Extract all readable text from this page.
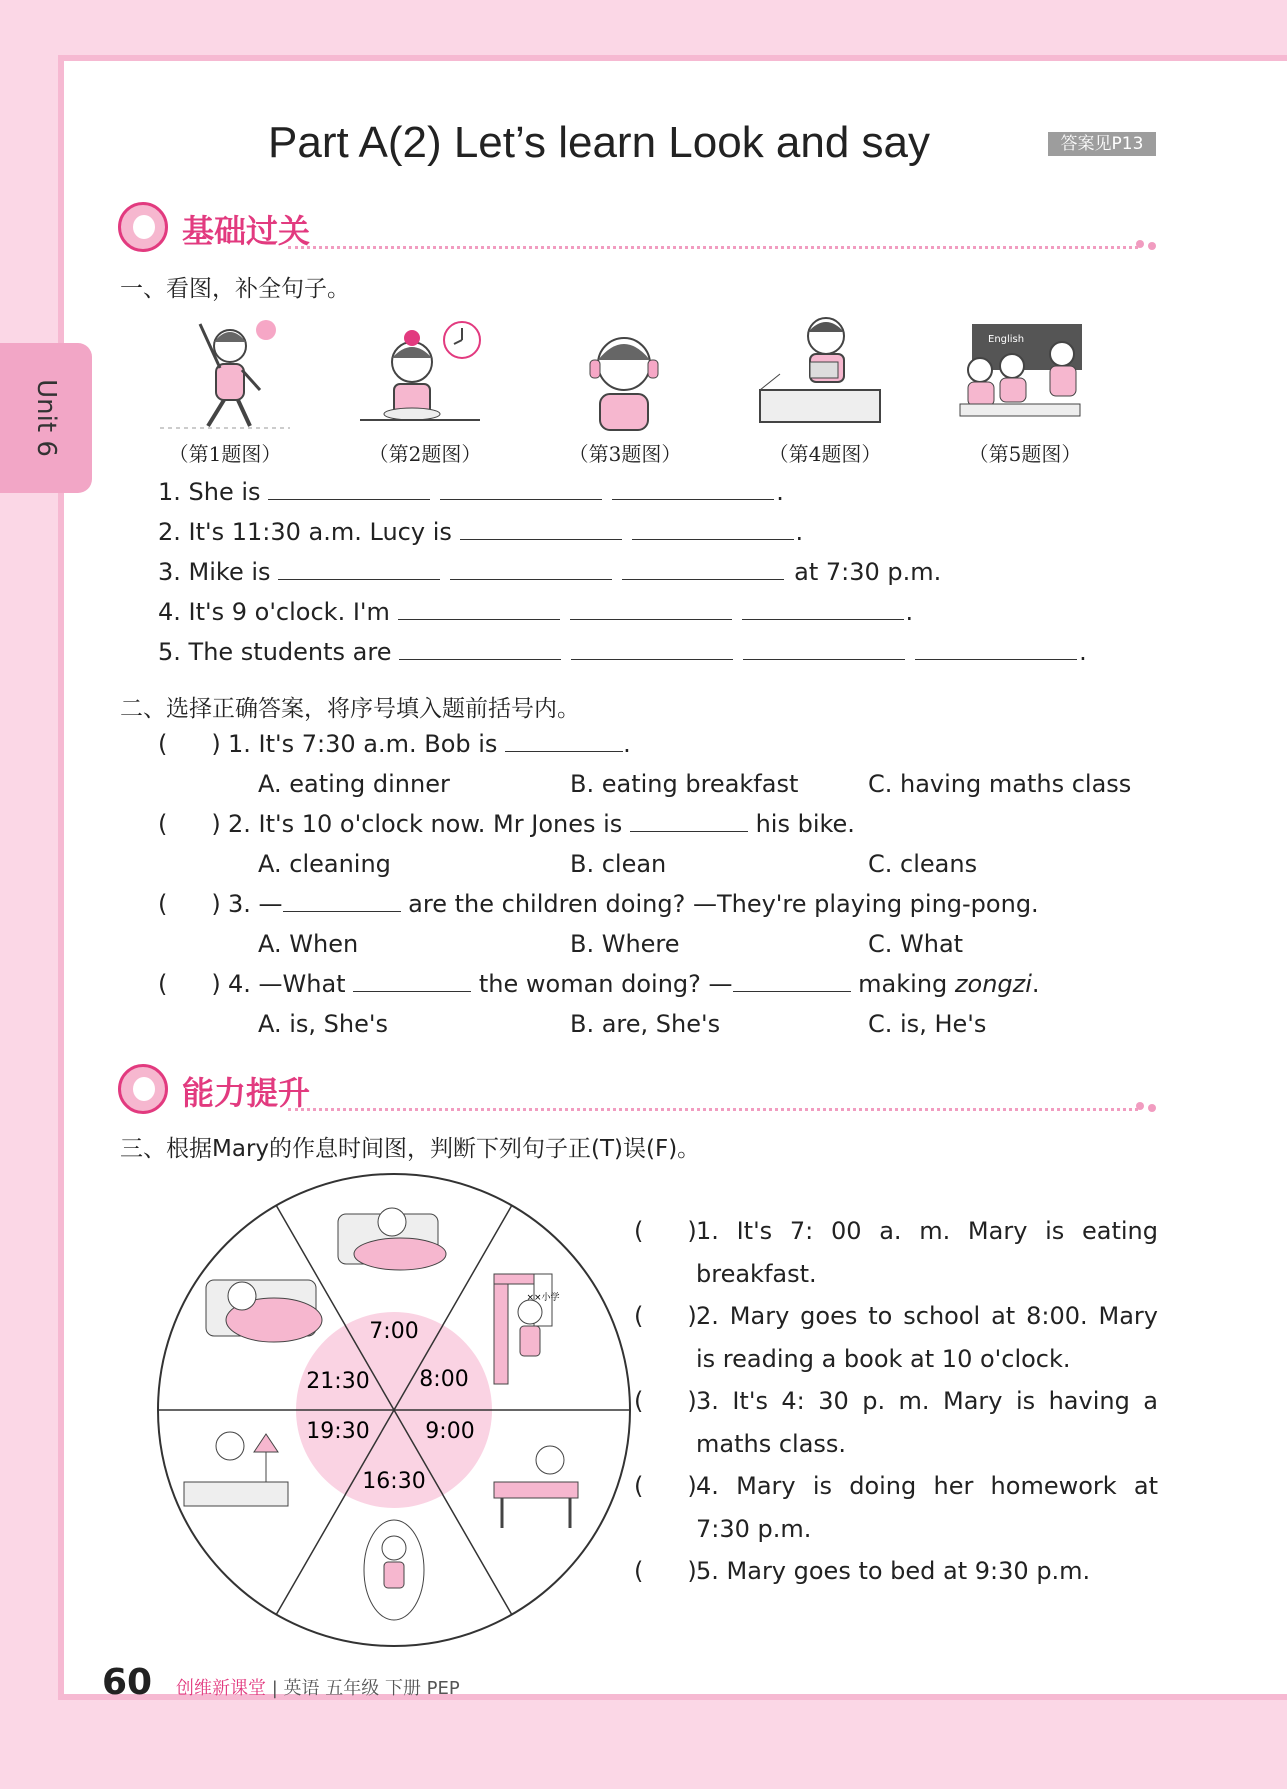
Unit 6
Part A(2) Let’s learn Look and say	答案见P13
基础过关
一、看图，补全句子。
（第1题图）	（第2题图）	（第3题图）	（第4题图）
English
（第5题图）
1. She is	.
2. It's 11:30 a.m. Lucy is	.
3. Mike is	at 7:30 p.m.
4. It's 9 o'clock. I'm	.
5. The students are	.
二、选择正确答案，将序号填入题前括号内。
( ) 1. It's 7:30 a.m. Bob is	.
A. eating dinner	B. eating breakfast	C. having maths class
( ) 2. It's 10 o'clock now. Mr Jones is	his bike.
A. cleaning	B. clean	C. cleans
( ) 3. —	are the children doing? —They're playing ping-pong.
A. When	B. Where	C. What
( ) 4. —What	the woman doing? —	making zongzi.
A. is, She's	B. are, She's	C. is, He's
能力提升
三、根据Mary的作息时间图，判断下列句子正(T)误(F)。
7:00
8:00
9:00
16:30
19:30
21:30
××小学
( ) 1. It's 7: 00 a. m. Mary is eating breakfast.
( ) 2. Mary goes to school at 8:00. Mary is reading a book at 10 o'clock.
( ) 3. It's 4: 30 p. m. Mary is having a maths class.
( ) 4. Mary is doing her homework at 7:30 p.m.
( ) 5. Mary goes to bed at 9:30 p.m.
60 创维新课堂 | 英语 五年级 下册 PEP
